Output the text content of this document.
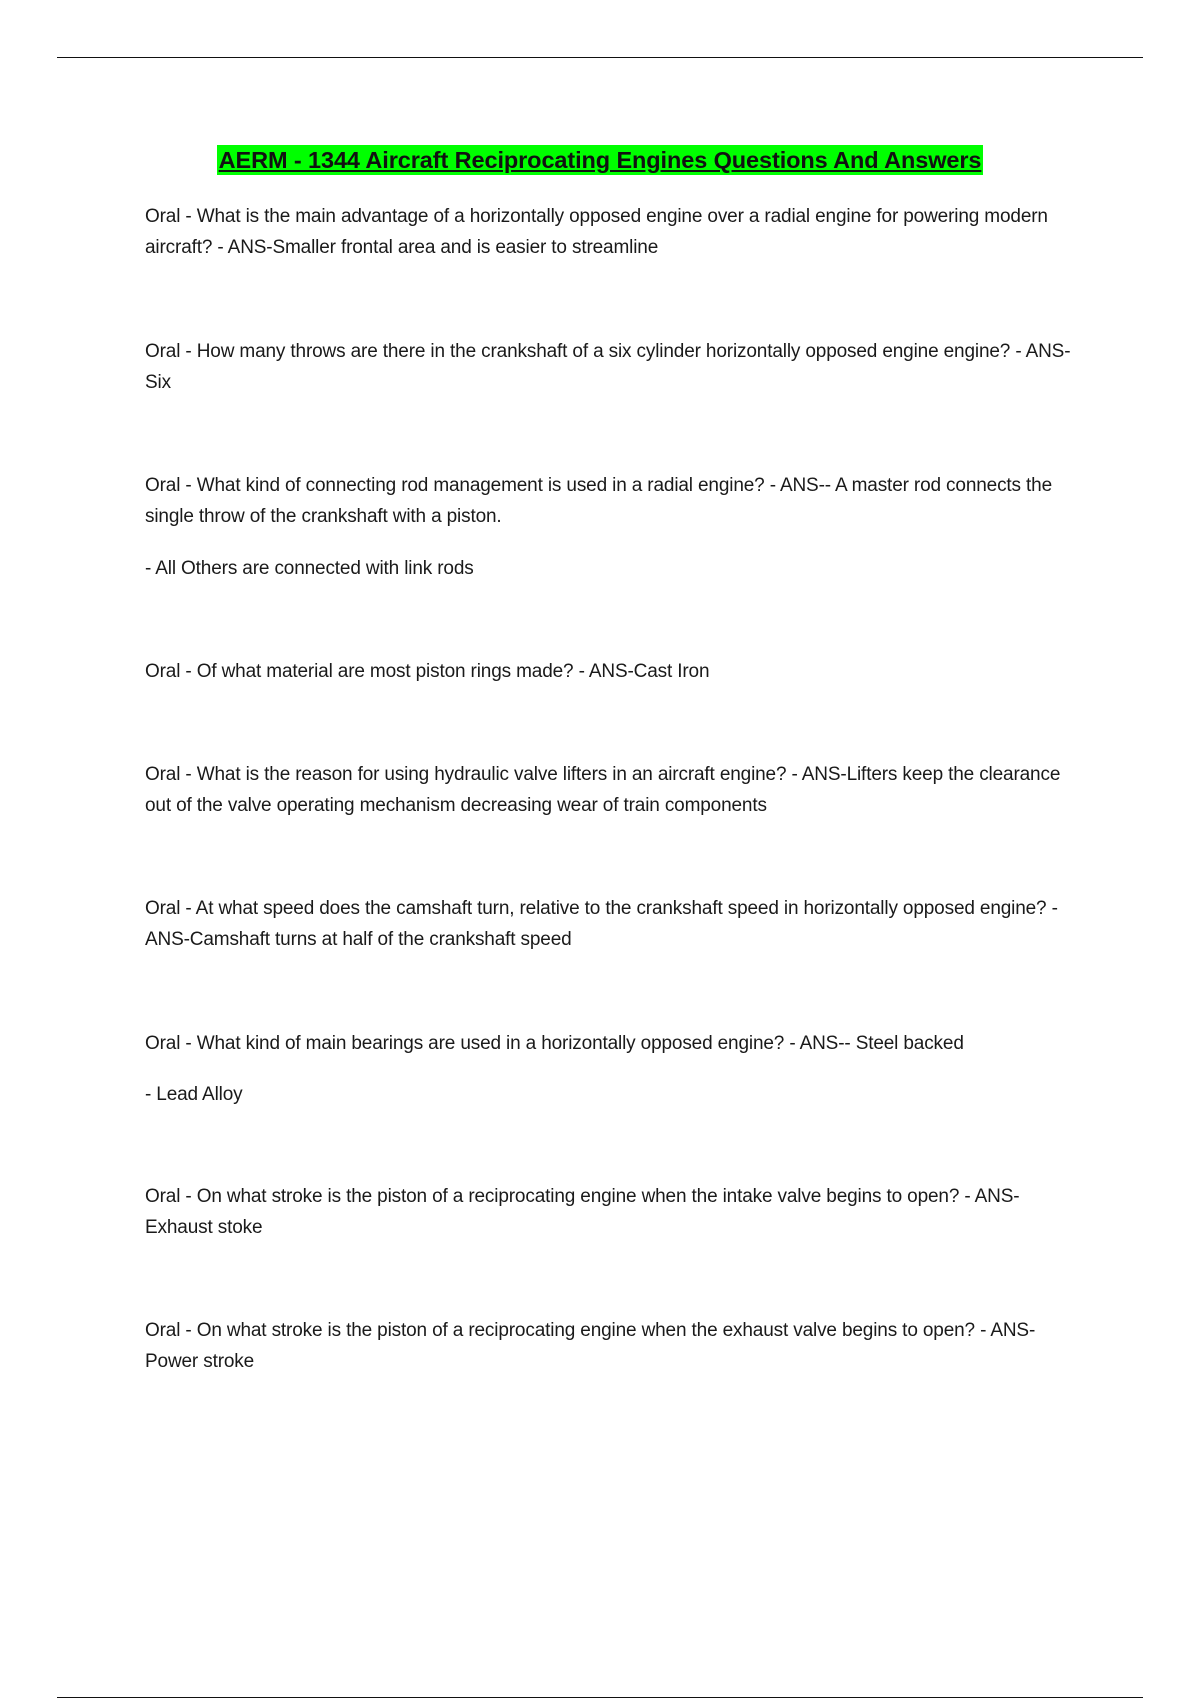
AERM - 1344 Aircraft Reciprocating Engines Questions And Answers

Oral - What is the main advantage of a horizontally opposed engine over a radial engine for powering modern aircraft? - ANS-Smaller frontal area and is easier to streamline

Oral - How many throws are there in the crankshaft of a six cylinder horizontally opposed engine engine? - ANS-Six

Oral - What kind of connecting rod management is used in a radial engine? - ANS-- A master rod connects the single throw of the crankshaft with a piston.

- All Others are connected with link rods

Oral - Of what material are most piston rings made? - ANS-Cast Iron

Oral - What is the reason for using hydraulic valve lifters in an aircraft engine? - ANS-Lifters keep the clearance out of the valve operating mechanism decreasing wear of train components

Oral - At what speed does the camshaft turn, relative to the crankshaft speed in horizontally opposed engine? - ANS-Camshaft turns at half of the crankshaft speed

Oral - What kind of main bearings are used in a horizontally opposed engine? - ANS-- Steel backed

- Lead Alloy

Oral - On what stroke is the piston of a reciprocating engine when the intake valve begins to open? - ANS-Exhaust stoke

Oral - On what stroke is the piston of a reciprocating engine when the exhaust valve begins to open? - ANS-Power stroke
